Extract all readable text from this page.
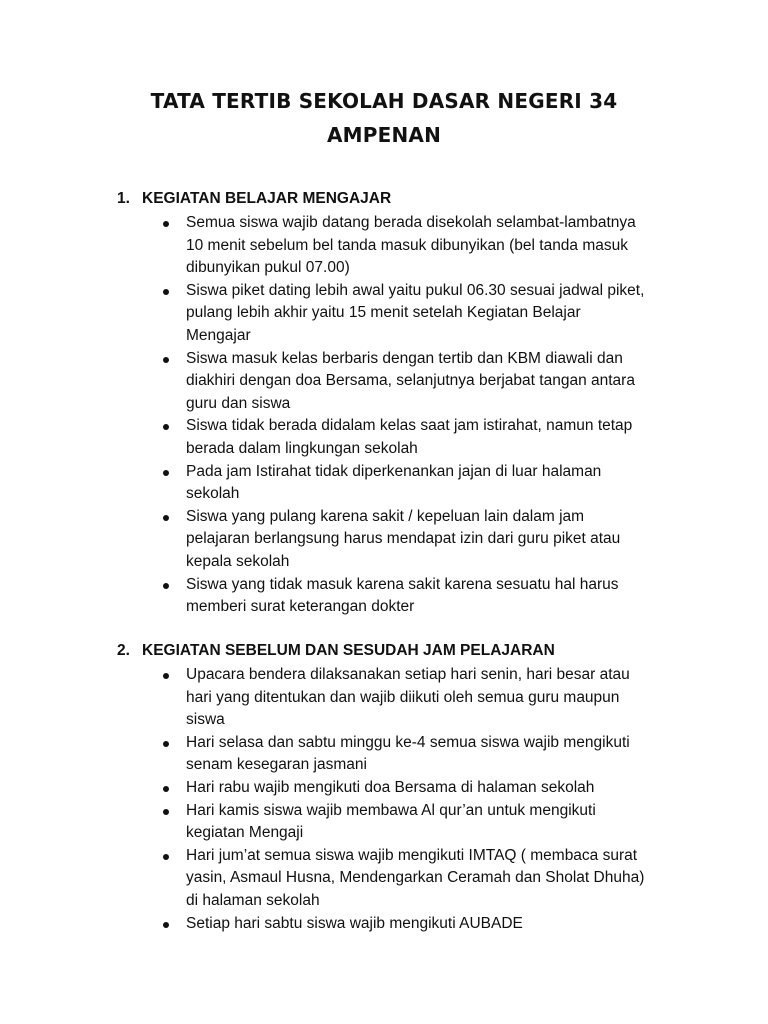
TATA TERTIB SEKOLAH DASAR NEGERI 34
AMPENAN
1. KEGIATAN BELAJAR MENGAJAR
Semua siswa wajib datang berada disekolah selambat-lambatnya
10 menit sebelum bel tanda masuk dibunyikan (bel tanda masuk
dibunyikan pukul 07.00)
Siswa piket dating lebih awal yaitu pukul 06.30 sesuai jadwal piket,
pulang lebih akhir yaitu 15 menit setelah Kegiatan Belajar
Mengajar
Siswa masuk kelas berbaris dengan tertib dan KBM diawali dan
diakhiri dengan doa Bersama, selanjutnya berjabat tangan antara
guru dan siswa
Siswa tidak berada didalam kelas saat jam istirahat, namun tetap
berada dalam lingkungan sekolah
Pada jam Istirahat tidak diperkenankan jajan di luar halaman
sekolah
Siswa yang pulang karena sakit / kepeluan lain dalam jam
pelajaran berlangsung harus mendapat izin dari guru piket atau
kepala sekolah
Siswa yang tidak masuk karena sakit karena sesuatu hal harus
memberi surat keterangan dokter
2. KEGIATAN SEBELUM DAN SESUDAH JAM PELAJARAN
Upacara bendera dilaksanakan setiap hari senin, hari besar atau
hari yang ditentukan dan wajib diikuti oleh semua guru maupun
siswa
Hari selasa dan sabtu minggu ke-4 semua siswa wajib mengikuti
senam kesegaran jasmani
Hari rabu wajib mengikuti doa Bersama di halaman sekolah
Hari kamis siswa wajib membawa Al qur’an untuk mengikuti
kegiatan Mengaji
Hari jum’at semua siswa wajib mengikuti IMTAQ ( membaca surat
yasin, Asmaul Husna, Mendengarkan Ceramah dan Sholat Dhuha)
di halaman sekolah
Setiap hari sabtu siswa wajib mengikuti AUBADE
